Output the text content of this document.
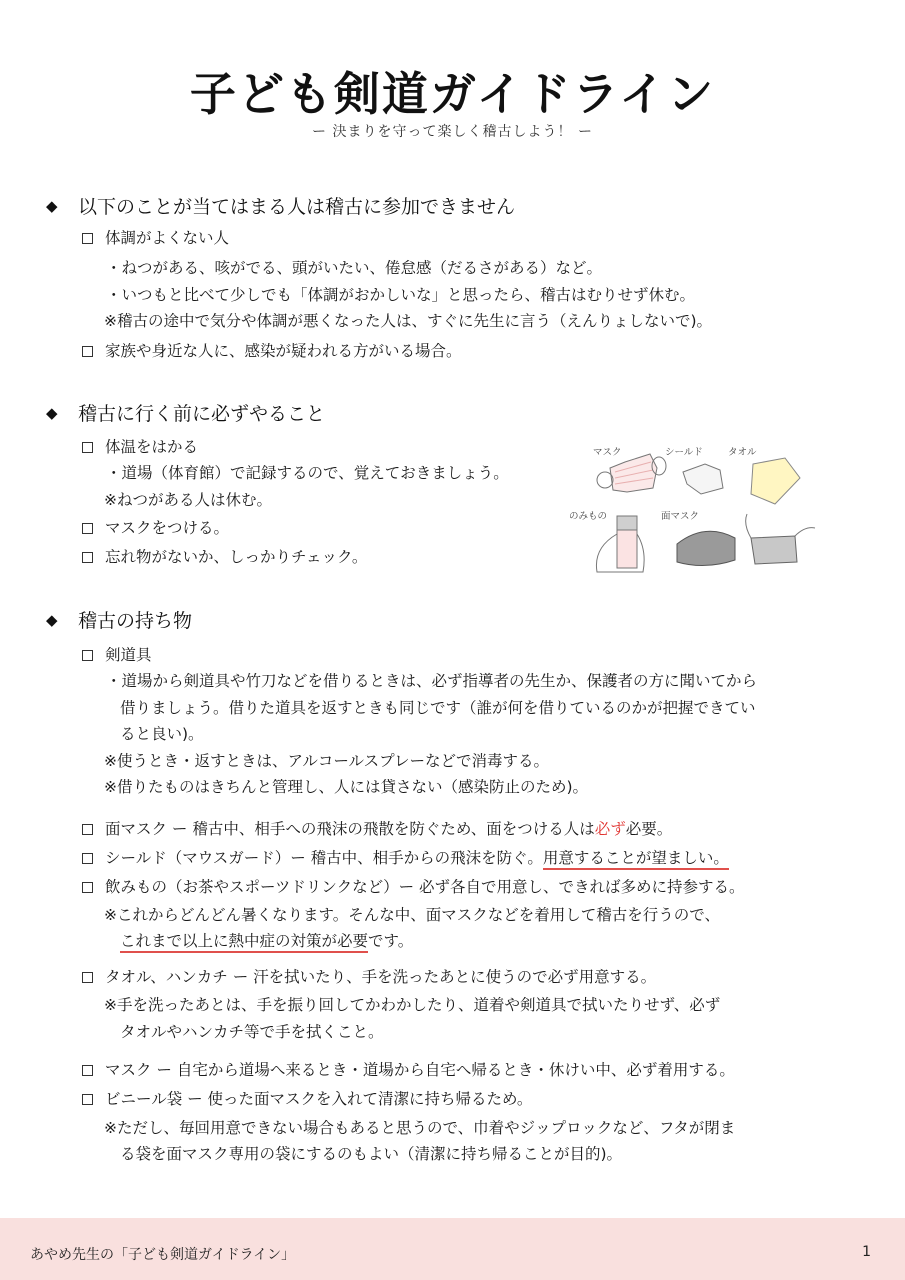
子ども剣道ガイドライン
ー 決まりを守って楽しく稽古しよう！ ー
◆	以下のことが当てはまる人は稽古に参加できません
体調がよくない人
・ねつがある、咳がでる、頭がいたい、倦怠感（だるさがある）など。
・いつもと比べて少しでも「体調がおかしいな」と思ったら、稽古はむりせず休む。
※稽古の途中で気分や体調が悪くなった人は、すぐに先生に言う（えんりょしないで)。
家族や身近な人に、感染が疑われる方がいる場合。
◆	稽古に行く前に必ずやること
体温をはかる
・道場（体育館）で記録するので、覚えておきましょう。
※ねつがある人は休む。
マスクをつける。
忘れ物がないか、しっかりチェック。
マスク	シールド	タオル
のみもの	面マスク
◆	稽古の持ち物
剣道具
・道場から剣道具や竹刀などを借りるときは、必ず指導者の先生か、保護者の方に聞いてから
借りましょう。借りた道具を返すときも同じです（誰が何を借りているのかが把握できてい
ると良い)。
※使うとき・返すときは、アルコールスプレーなどで消毒する。
※借りたものはきちんと管理し、人には貸さない（感染防止のため)。
面マスク ー 稽古中、相手への飛沫の飛散を防ぐため、面をつける人は必ず必要。
シールド（マウスガード）ー 稽古中、相手からの飛沫を防ぐ。用意することが望ましい。
飲みもの（お茶やスポーツドリンクなど）ー 必ず各自で用意し、できれば多めに持参する。
※これからどんどん暑くなります。そんな中、面マスクなどを着用して稽古を行うので、
これまで以上に熱中症の対策が必要です。
タオル、ハンカチ ー 汗を拭いたり、手を洗ったあとに使うので必ず用意する。
※手を洗ったあとは、手を振り回してかわかしたり、道着や剣道具で拭いたりせず、必ず
タオルやハンカチ等で手を拭くこと。
マスク ー 自宅から道場へ来るとき・道場から自宅へ帰るとき・休けい中、必ず着用する。
ビニール袋 ー 使った面マスクを入れて清潔に持ち帰るため。
※ただし、毎回用意できない場合もあると思うので、巾着やジップロックなど、フタが閉ま
る袋を面マスク専用の袋にするのもよい（清潔に持ち帰ることが目的)。
あやめ先生の「子ども剣道ガイドライン」	1
